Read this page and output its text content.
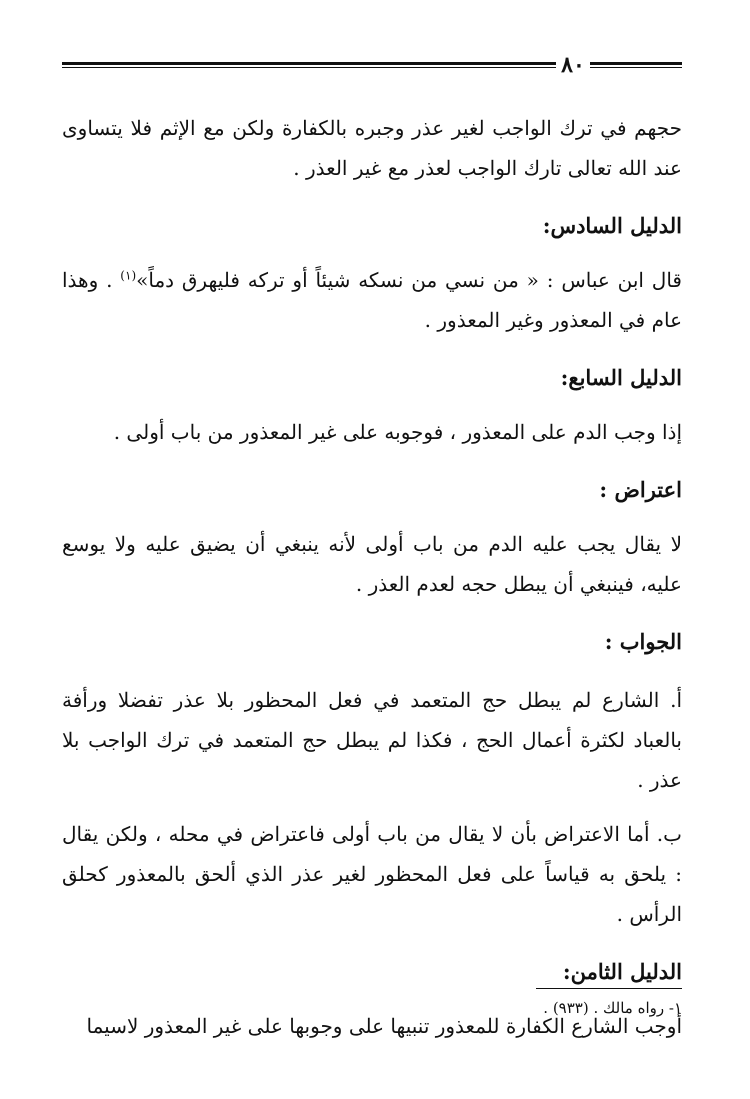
٨٠

حجهم في ترك الواجب لغير عذر وجبره بالكفارة ولكن مع الإثم فلا يتساوى عند الله تعالى تارك الواجب لعذر مع غير العذر .

الدليل السادس:

قال ابن عباس : « من نسي من نسكه شيئاً أو تركه فليهرق دماً»$^{(١)}$ . وهذا عام في المعذور وغير المعذور .

الدليل السابع:

إذا وجب الدم على المعذور ، فوجوبه على غير المعذور من باب أولى .

اعتراض :

لا يقال يجب عليه الدم من باب أولى لأنه ينبغي أن يضيق عليه ولا يوسع عليه، فينبغي أن يبطل حجه لعدم العذر .

الجواب :

أ. الشارع لم يبطل حج المتعمد في فعل المحظور بلا عذر تفضلا ورأفة بالعباد لكثرة أعمال الحج ، فكذا لم يبطل حج المتعمد في ترك الواجب بلا عذر .

ب. أما الاعتراض بأن لا يقال من باب أولى فاعتراض في محله ، ولكن يقال : يلحق به قياساً على فعل المحظور لغير عذر الذي ألحق بالمعذور كحلق الرأس .

الدليل الثامن:

أوجب الشارع الكفارة للمعذور تنبيها على وجوبها على غير المعذور لاسيما

١- رواه مالك . (٩٣٣) .
